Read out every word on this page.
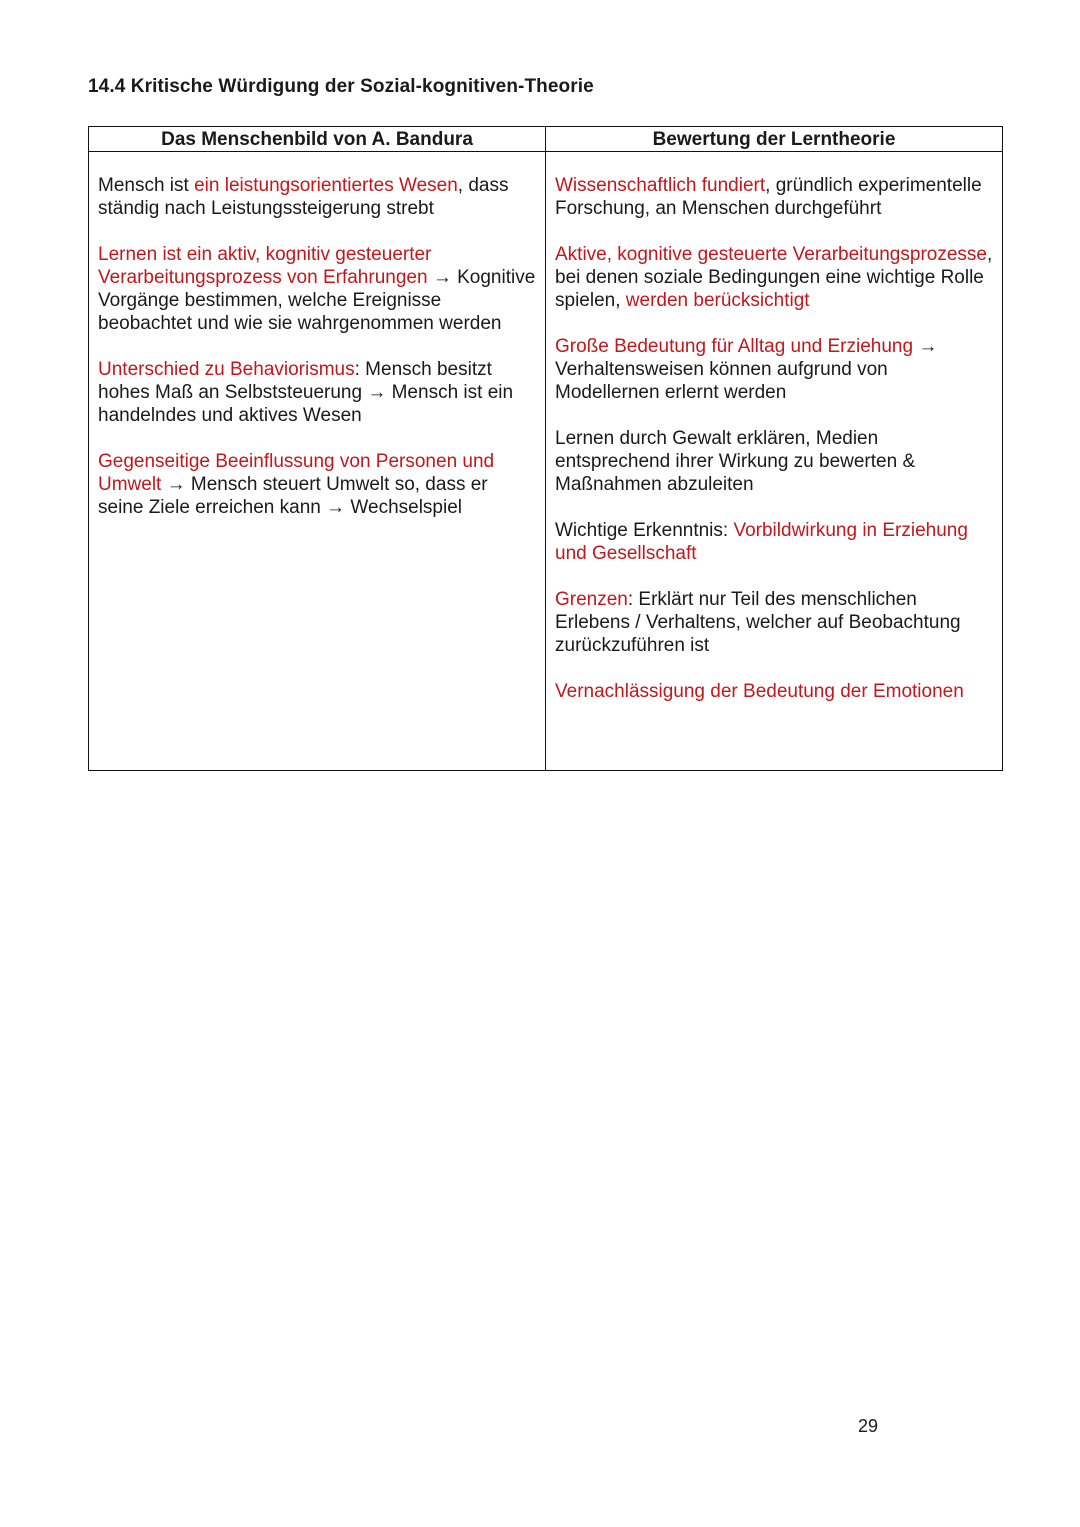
14.4 Kritische Würdigung der Sozial-kognitiven-Theorie
Das Menschenbild von A. Bandura	Bewertung der Lerntheorie

Mensch ist ein leistungsorientiertes Wesen, dass ständig nach Leistungssteigerung strebt

Lernen ist ein aktiv, kognitiv gesteuerter Verarbeitungsprozess von Erfahrungen → Kognitive Vorgänge bestimmen, welche Ereignisse beobachtet und wie sie wahrgenommen werden

Unterschied zu Behaviorismus: Mensch besitzt hohes Maß an Selbststeuerung → Mensch ist ein handelndes und aktives Wesen

Gegenseitige Beeinflussung von Personen und Umwelt → Mensch steuert Umwelt so, dass er seine Ziele erreichen kann → Wechselspiel

Wissenschaftlich fundiert, gründlich experimentelle Forschung, an Menschen durchgeführt

Aktive, kognitive gesteuerte Verarbeitungsprozesse, bei denen soziale Bedingungen eine wichtige Rolle spielen, werden berücksichtigt

Große Bedeutung für Alltag und Erziehung → Verhaltensweisen können aufgrund von Modellernen erlernt werden

Lernen durch Gewalt erklären, Medien entsprechend ihrer Wirkung zu bewerten & Maßnahmen abzuleiten

Wichtige Erkenntnis: Vorbildwirkung in Erziehung und Gesellschaft

Grenzen: Erklärt nur Teil des menschlichen Erlebens / Verhaltens, welcher auf Beobachtung zurückzuführen ist

Vernachlässigung der Bedeutung der Emotionen

29
